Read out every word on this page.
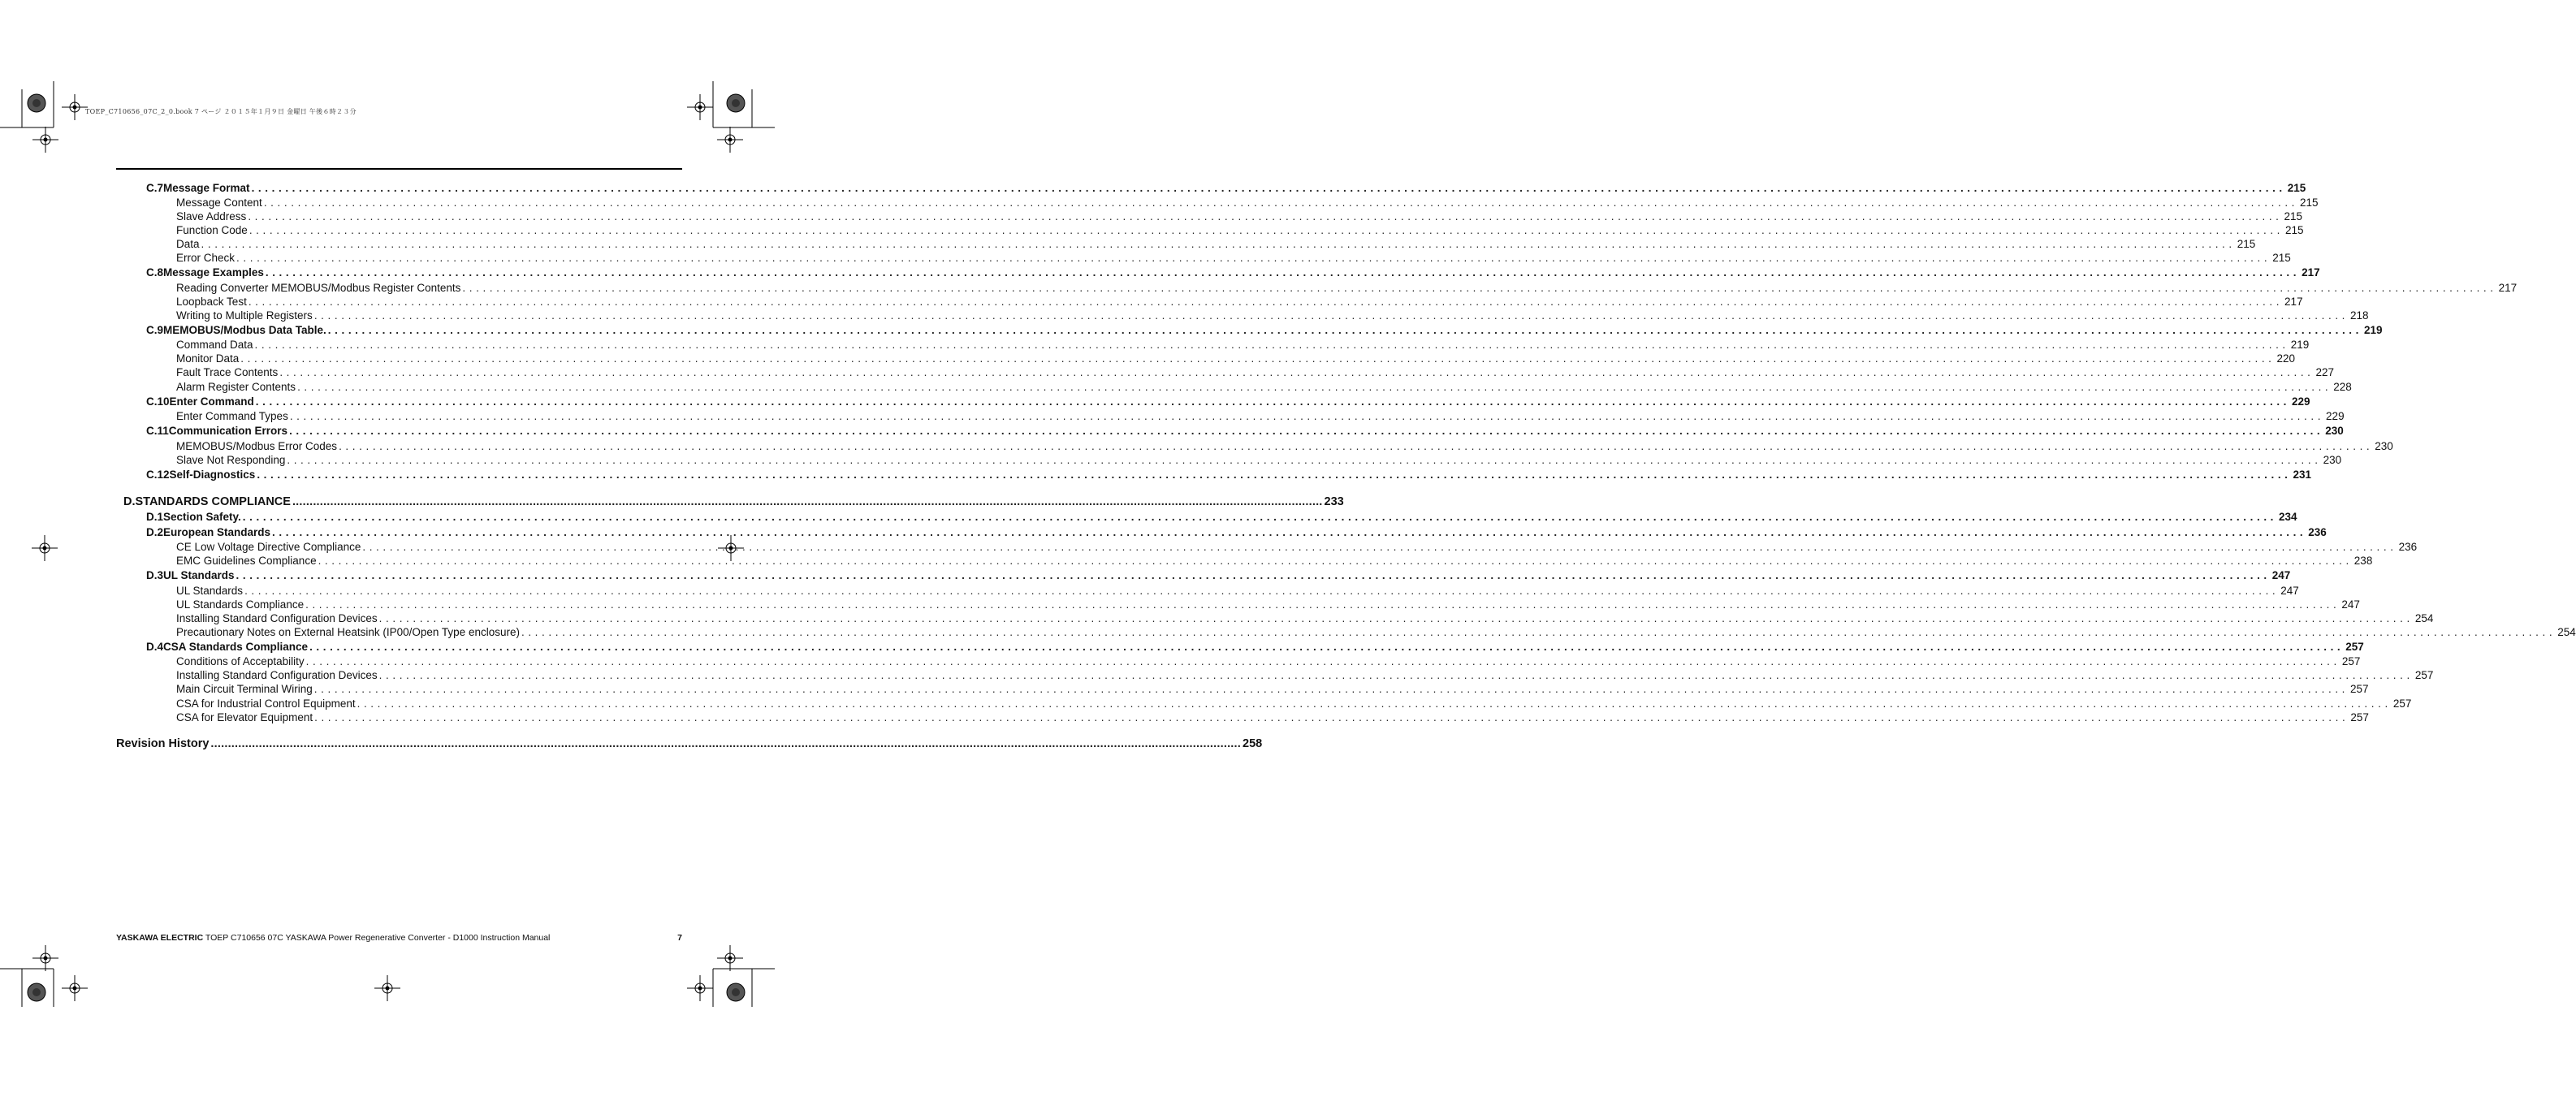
TOEP_C710656_07C_2_0.book 7 ページ ２０１５年１月９日 金曜日 午後６時２３分
C.7 Message Format ............................................................................................................................................................................................................................................................................................................ 215
Message Content ............................................................................................................................................................................................................................................................................................................ 215
Slave Address ............................................................................................................................................................................................................................................................................................................ 215
Function Code ............................................................................................................................................................................................................................................................................................................ 215
Data ............................................................................................................................................................................................................................................................................................................ 215
Error Check ............................................................................................................................................................................................................................................................................................................ 215
C.8 Message Examples ............................................................................................................................................................................................................................................................................................................ 217
Reading Converter MEMOBUS/Modbus Register Contents ............................................................................................................................................................................................................................................................................................................ 217
Loopback Test ............................................................................................................................................................................................................................................................................................................ 217
Writing to Multiple Registers ............................................................................................................................................................................................................................................................................................................ 218
C.9 MEMOBUS/Modbus Data Table. ............................................................................................................................................................................................................................................................................................................ 219
Command Data ............................................................................................................................................................................................................................................................................................................ 219
Monitor Data ............................................................................................................................................................................................................................................................................................................ 220
Fault Trace Contents ............................................................................................................................................................................................................................................................................................................ 227
Alarm Register Contents ............................................................................................................................................................................................................................................................................................................ 228
C.10 Enter Command ............................................................................................................................................................................................................................................................................................................ 229
Enter Command Types ............................................................................................................................................................................................................................................................................................................ 229
C.11 Communication Errors ............................................................................................................................................................................................................................................................................................................ 230
MEMOBUS/Modbus Error Codes ............................................................................................................................................................................................................................................................................................................ 230
Slave Not Responding ............................................................................................................................................................................................................................................................................................................ 230
C.12 Self-Diagnostics ............................................................................................................................................................................................................................................................................................................ 231
D. STANDARDS COMPLIANCE ............................................................................................................................................................................................................................................................................................................ 233
D.1 Section Safety. ............................................................................................................................................................................................................................................................................................................ 234
D.2 European Standards ............................................................................................................................................................................................................................................................................................................ 236
CE Low Voltage Directive Compliance ............................................................................................................................................................................................................................................................................................................ 236
EMC Guidelines Compliance ............................................................................................................................................................................................................................................................................................................ 238
D.3 UL Standards ............................................................................................................................................................................................................................................................................................................ 247
UL Standards ............................................................................................................................................................................................................................................................................................................ 247
UL Standards Compliance ............................................................................................................................................................................................................................................................................................................ 247
Installing Standard Configuration Devices ............................................................................................................................................................................................................................................................................................................ 254
Precautionary Notes on External Heatsink (IP00/Open Type enclosure) ............................................................................................................................................................................................................................................................................................................ 254
D.4 CSA Standards Compliance ............................................................................................................................................................................................................................................................................................................ 257
Conditions of Acceptability ............................................................................................................................................................................................................................................................................................................ 257
Installing Standard Configuration Devices ............................................................................................................................................................................................................................................................................................................ 257
Main Circuit Terminal Wiring ............................................................................................................................................................................................................................................................................................................ 257
CSA for Industrial Control Equipment ............................................................................................................................................................................................................................................................................................................ 257
CSA for Elevator Equipment ............................................................................................................................................................................................................................................................................................................ 257
Revision History ............................................................................................................................................................................................................................................................................................................ 258
YASKAWA ELECTRIC TOEP C710656 07C YASKAWA Power Regenerative Converter - D1000 Instruction Manual	7
